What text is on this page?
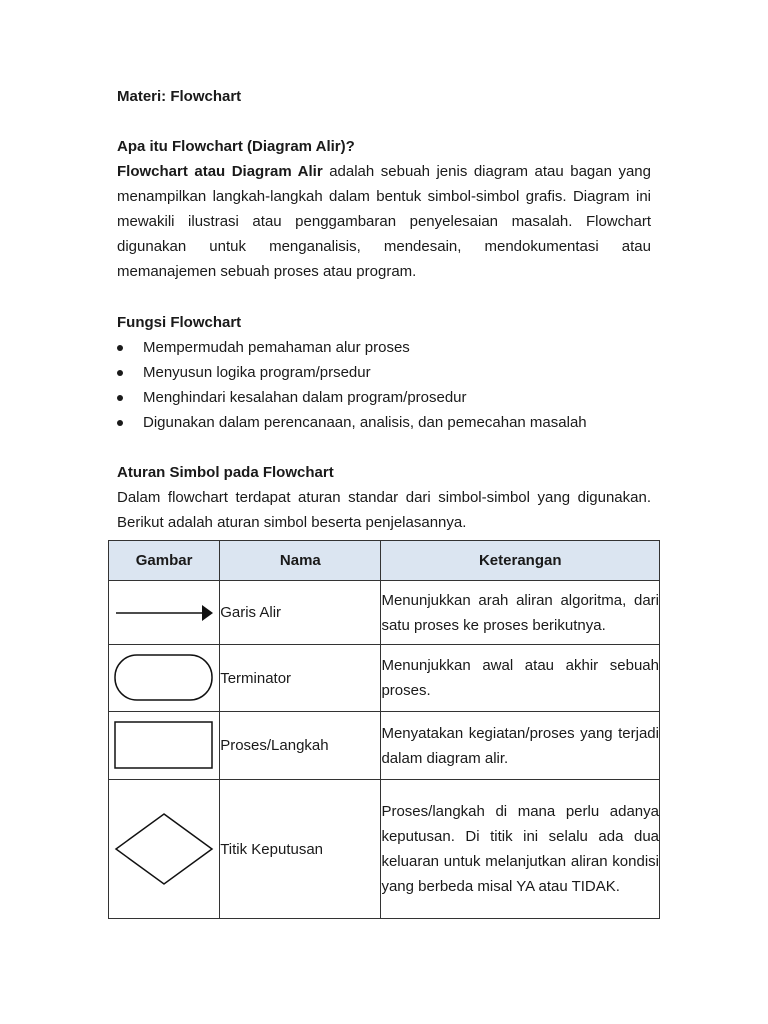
Materi: Flowchart
Apa itu Flowchart (Diagram Alir)?

Flowchart atau Diagram Alir adalah sebuah jenis diagram atau bagan yang menampilkan langkah-langkah dalam bentuk simbol-simbol grafis. Diagram ini mewakili ilustrasi atau penggambaran penyelesaian masalah. Flowchart digunakan untuk menganalisis, mendesain, mendokumentasi atau memanajemen sebuah proses atau program.

Fungsi Flowchart
Mempermudah pemahaman alur proses
Menyusun logika program/prsedur
Menghindari kesalahan dalam program/prosedur
Digunakan dalam perencanaan, analisis, dan pemecahan masalah
Aturan Simbol pada Flowchart

Dalam flowchart terdapat aturan standar dari simbol-simbol yang digunakan. Berikut adalah aturan simbol beserta penjelasannya.

Gambar	Nama	Keterangan

	Garis Alir	Menunjukkan arah aliran algoritma, dari satu proses ke proses berikutnya.

	Terminator	Menunjukkan awal atau akhir sebuah proses.

	Proses/Langkah	Menyatakan kegiatan/proses yang terjadi dalam diagram alir.

	Titik Keputusan	Proses/langkah di mana perlu adanya keputusan. Di titik ini selalu ada dua keluaran untuk melanjutkan aliran kondisi yang berbeda misal YA atau TIDAK.
